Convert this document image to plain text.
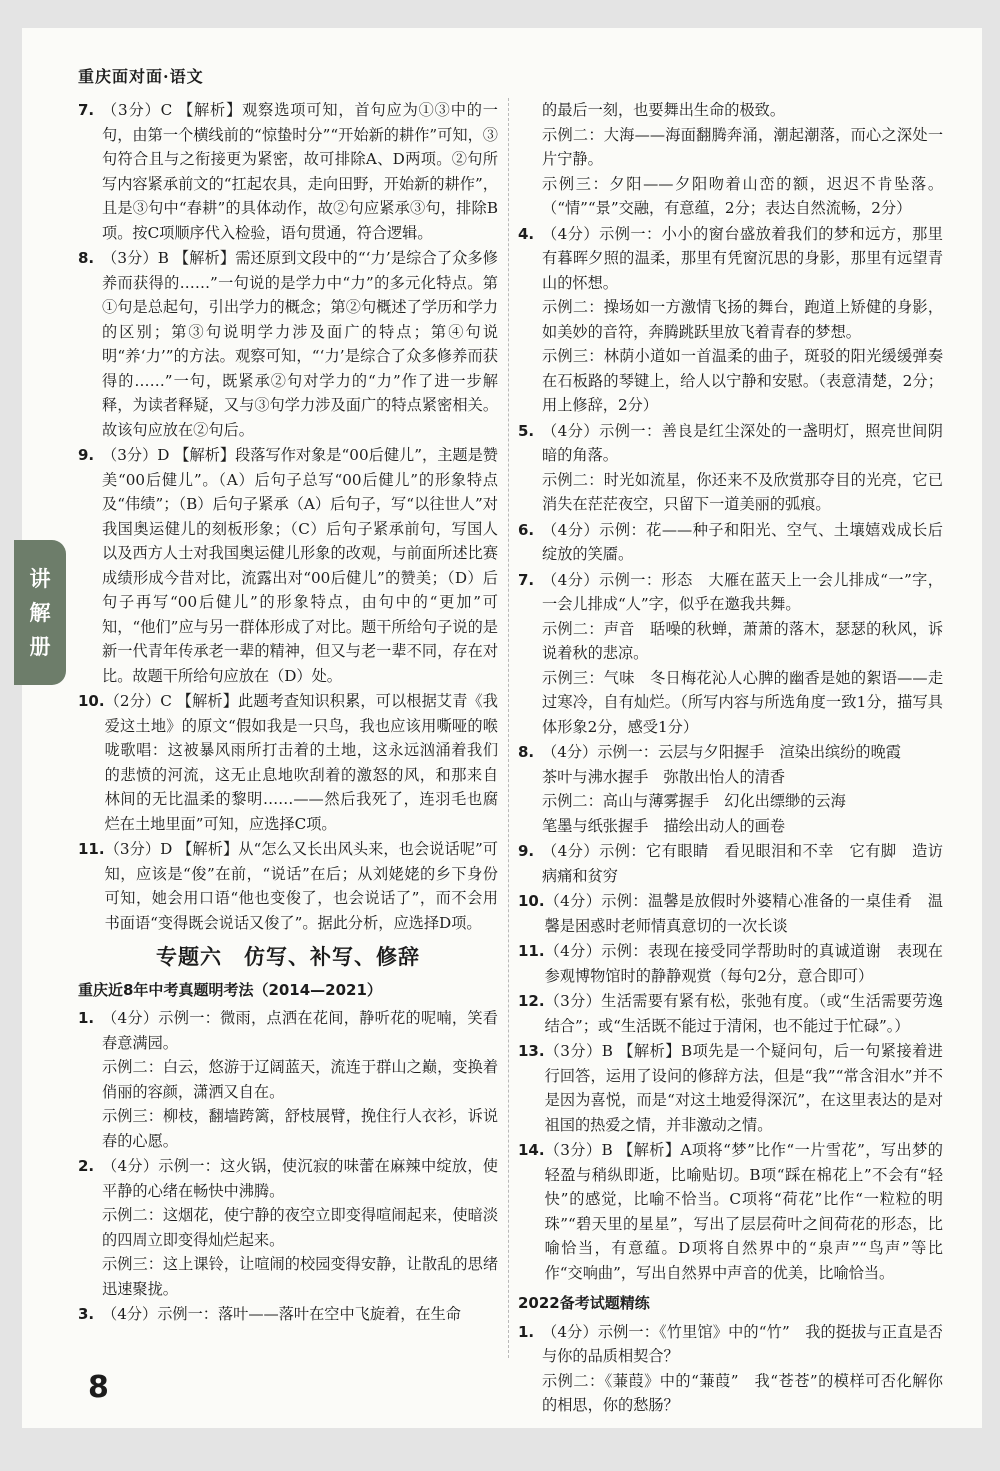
重庆面对面·语文
讲
解
册
7. （3分）C 【解析】观察选项可知，首句应为①③中的一句，由第一个横线前的“惊蛰时分”“开始新的耕作”可知，③句符合且与之衔接更为紧密，故可排除A、D两项。②句所写内容紧承前文的“扛起农具，走向田野，开始新的耕作”，且是③句中“春耕”的具体动作，故②句应紧承③句，排除B项。按C项顺序代入检验，语句贯通，符合逻辑。

8. （3分）B 【解析】需还原到文段中的“‘力’是综合了众多修养而获得的……”一句说的是学力中“力”的多元化特点。第①句是总起句，引出学力的概念；第②句概述了学历和学力的区别；第③句说明学力涉及面广的特点；第④句说明“养‘力’”的方法。观察可知，“‘力’是综合了众多修养而获得的……”一句，既紧承②句对学力的“力”作了进一步解释，为读者释疑，又与③句学力涉及面广的特点紧密相关。故该句应放在②句后。

9. （3分）D 【解析】段落写作对象是“00后健儿”，主题是赞美“00后健儿”。（A）后句子总写“00后健儿”的形象特点及“伟绩”；（B）后句子紧承（A）后句子，写“以往世人”对我国奥运健儿的刻板形象；（C）后句子紧承前句，写国人以及西方人士对我国奥运健儿形象的改观，与前面所述比赛成绩形成今昔对比，流露出对“00后健儿”的赞美；（D）后句子再写“00后健儿”的形象特点，由句中的“更加”可知，“他们”应与另一群体形成了对比。题干所给句子说的是新一代青年传承老一辈的精神，但又与老一辈不同，存在对比。故题干所给句应放在（D）处。

10. （2分）C 【解析】此题考查知识积累，可以根据艾青《我爱这土地》的原文“假如我是一只鸟，我也应该用嘶哑的喉咙歌唱：这被暴风雨所打击着的土地，这永远汹涌着我们的悲愤的河流，这无止息地吹刮着的激怒的风，和那来自林间的无比温柔的黎明……——然后我死了，连羽毛也腐烂在土地里面”可知，应选择C项。

11. （3分）D 【解析】从“怎么又长出风头来，也会说话呢”可知，应该是“俊”在前，“说话”在后；从刘姥姥的乡下身份可知，她会用口语“他也变俊了，也会说话了”，而不会用书面语“变得既会说话又俊了”。据此分析，应选择D项。

专题六　仿写、补写、修辞
重庆近8年中考真题明考法（2014—2021）
1. （4分）示例一：微雨，点洒在花间，静听花的呢喃，笑看春意满园。

示例二：白云，悠游于辽阔蓝天，流连于群山之巅，变换着俏丽的容颜，潇洒又自在。

示例三：柳枝，翻墙跨篱，舒枝展臂，挽住行人衣衫，诉说春的心愿。

2. （4分）示例一：这火锅，使沉寂的味蕾在麻辣中绽放，使平静的心绪在畅快中沸腾。

示例二：这烟花，使宁静的夜空立即变得喧闹起来，使暗淡的四周立即变得灿烂起来。

示例三：这上课铃，让喧闹的校园变得安静，让散乱的思绪迅速聚拢。

3. （4分）示例一：落叶——落叶在空中飞旋着，在生命

的最后一刻，也要舞出生命的极致。

示例二：大海——海面翻腾奔涌，潮起潮落，而心之深处一片宁静。

示例三：夕阳——夕阳吻着山峦的额，迟迟不肯坠落。（“情”“景”交融，有意蕴，2分；表达自然流畅，2分）

4. （4分）示例一：小小的窗台盛放着我们的梦和远方，那里有暮晖夕照的温柔，那里有凭窗沉思的身影，那里有远望青山的怀想。

示例二：操场如一方激情飞扬的舞台，跑道上矫健的身影，如美妙的音符，奔腾跳跃里放飞着青春的梦想。

示例三：林荫小道如一首温柔的曲子，斑驳的阳光缓缓弹奏在石板路的琴键上，给人以宁静和安慰。（表意清楚，2分；用上修辞，2分）

5. （4分）示例一：善良是红尘深处的一盏明灯，照亮世间阴暗的角落。

示例二：时光如流星，你还来不及欣赏那夺目的光亮，它已消失在茫茫夜空，只留下一道美丽的弧痕。

6. （4分）示例：花——种子和阳光、空气、土壤嬉戏成长后绽放的笑靥。

7. （4分）示例一：形态　大雁在蓝天上一会儿排成“一”字，一会儿排成“人”字，似乎在邀我共舞。

示例二：声音　聒噪的秋蝉，萧萧的落木，瑟瑟的秋风，诉说着秋的悲凉。

示例三：气味　冬日梅花沁人心脾的幽香是她的絮语——走过寒冷，自有灿烂。（所写内容与所选角度一致1分，描写具体形象2分，感受1分）

8. （4分）示例一：云层与夕阳握手　渲染出缤纷的晚霞

茶叶与沸水握手　弥散出怡人的清香

示例二：高山与薄雾握手　幻化出缥缈的云海

笔墨与纸张握手　描绘出动人的画卷

9. （4分）示例：它有眼睛　看见眼泪和不幸　它有脚　造访病痛和贫穷

10. （4分）示例：温馨是放假时外婆精心准备的一桌佳肴　温馨是困惑时老师情真意切的一次长谈

11. （4分）示例：表现在接受同学帮助时的真诚道谢　表现在参观博物馆时的静静观赏（每句2分，意合即可）

12. （3分）生活需要有紧有松，张弛有度。（或“生活需要劳逸结合”；或“生活既不能过于清闲，也不能过于忙碌”。）

13. （3分）B 【解析】B项先是一个疑问句，后一句紧接着进行回答，运用了设问的修辞方法，但是“我”“常含泪水”并不是因为喜悦，而是“对这土地爱得深沉”，在这里表达的是对祖国的热爱之情，并非激动之情。

14. （3分）B 【解析】A项将“梦”比作“一片雪花”，写出梦的轻盈与稍纵即逝，比喻贴切。B项“踩在棉花上”不会有“轻快”的感觉，比喻不恰当。C项将“荷花”比作“一粒粒的明珠”“碧天里的星星”，写出了层层荷叶之间荷花的形态，比喻恰当，有意蕴。D项将自然界中的“泉声”“鸟声”等比作“交响曲”，写出自然界中声音的优美，比喻恰当。

2022备考试题精练
1. （4分）示例一：《竹里馆》中的“竹”　我的挺拔与正直是否与你的品质相契合？

示例二：《蒹葭》中的“蒹葭”　我“苍苍”的模样可否化解你的相思，你的愁肠？

8
